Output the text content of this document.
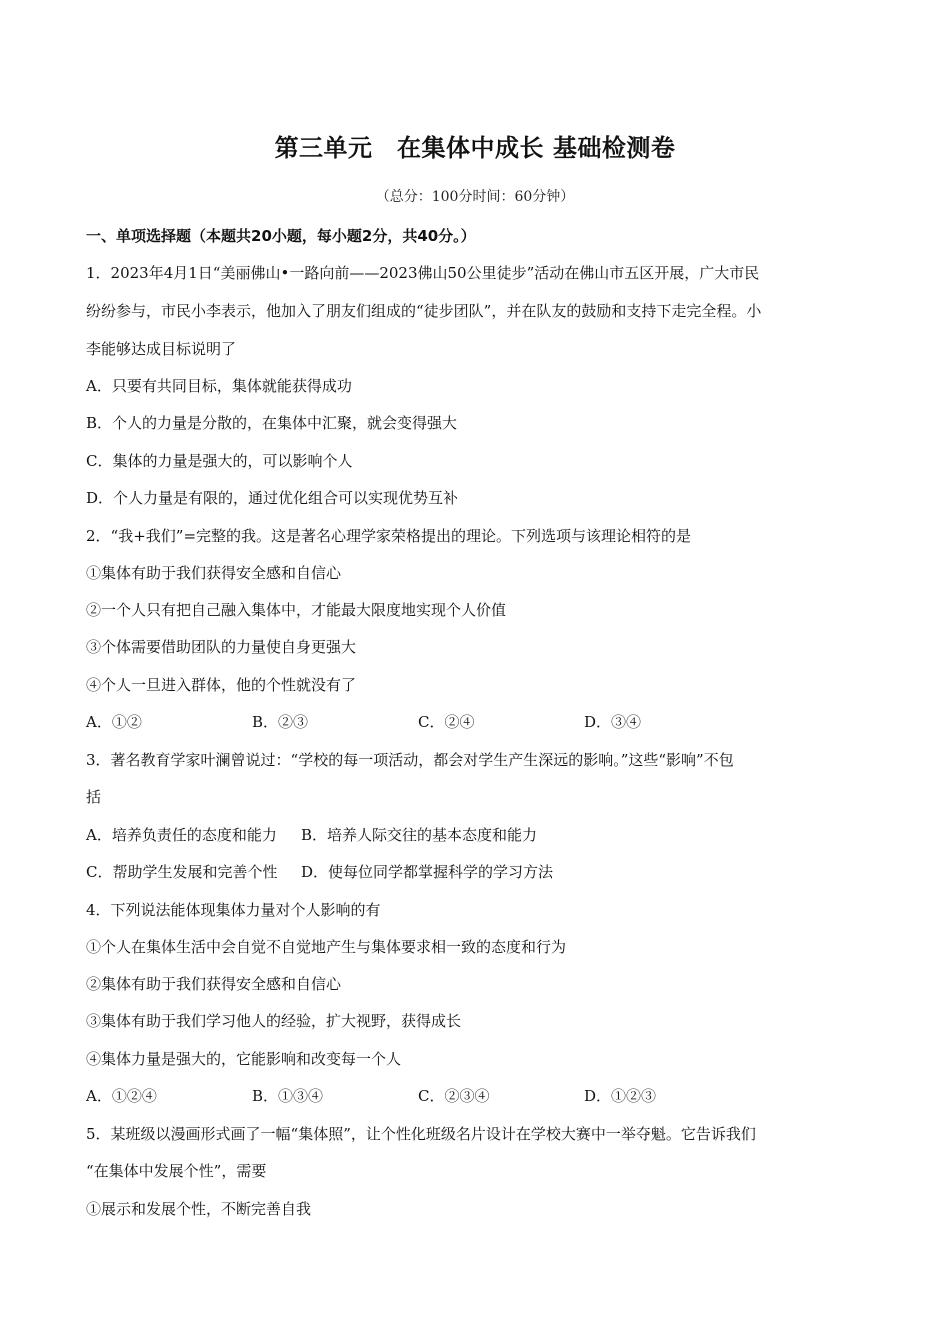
第三单元　在集体中成长 基础检测卷
（总分：100分时间：60分钟）
一、单项选择题（本题共20小题，每小题2分，共40分。）
1．2023年4月1日“美丽佛山•一路向前——2023佛山50公里徒步”活动在佛山市五区开展，广大市民
纷纷参与，市民小李表示，他加入了朋友们组成的“徒步团队”，并在队友的鼓励和支持下走完全程。小
李能够达成目标说明了
A．只要有共同目标，集体就能获得成功
B．个人的力量是分散的，在集体中汇聚，就会变得强大
C．集体的力量是强大的，可以影响个人
D．个人力量是有限的，通过优化组合可以实现优势互补
2．“我+我们”=完整的我。这是著名心理学家荣格提出的理论。下列选项与该理论相符的是
①集体有助于我们获得安全感和自信心
②一个人只有把自己融入集体中，才能最大限度地实现个人价值
③个体需要借助团队的力量使自身更强大
④个人一旦进入群体，他的个性就没有了
A．①②	B．②③	C．②④	D．③④
3．著名教育学家叶澜曾说过：“学校的每一项活动，都会对学生产生深远的影响。”这些“影响”不包
括
A．培养负责任的态度和能力 B．培养人际交往的基本态度和能力
C．帮助学生发展和完善个性 D．使每位同学都掌握科学的学习方法
4．下列说法能体现集体力量对个人影响的有
①个人在集体生活中会自觉不自觉地产生与集体要求相一致的态度和行为
②集体有助于我们获得安全感和自信心
③集体有助于我们学习他人的经验，扩大视野，获得成长
④集体力量是强大的，它能影响和改变每一个人
A．①②④	B．①③④	C．②③④	D．①②③
5．某班级以漫画形式画了一幅“集体照”，让个性化班级名片设计在学校大赛中一举夺魁。它告诉我们
“在集体中发展个性”，需要
①展示和发展个性，不断完善自我
